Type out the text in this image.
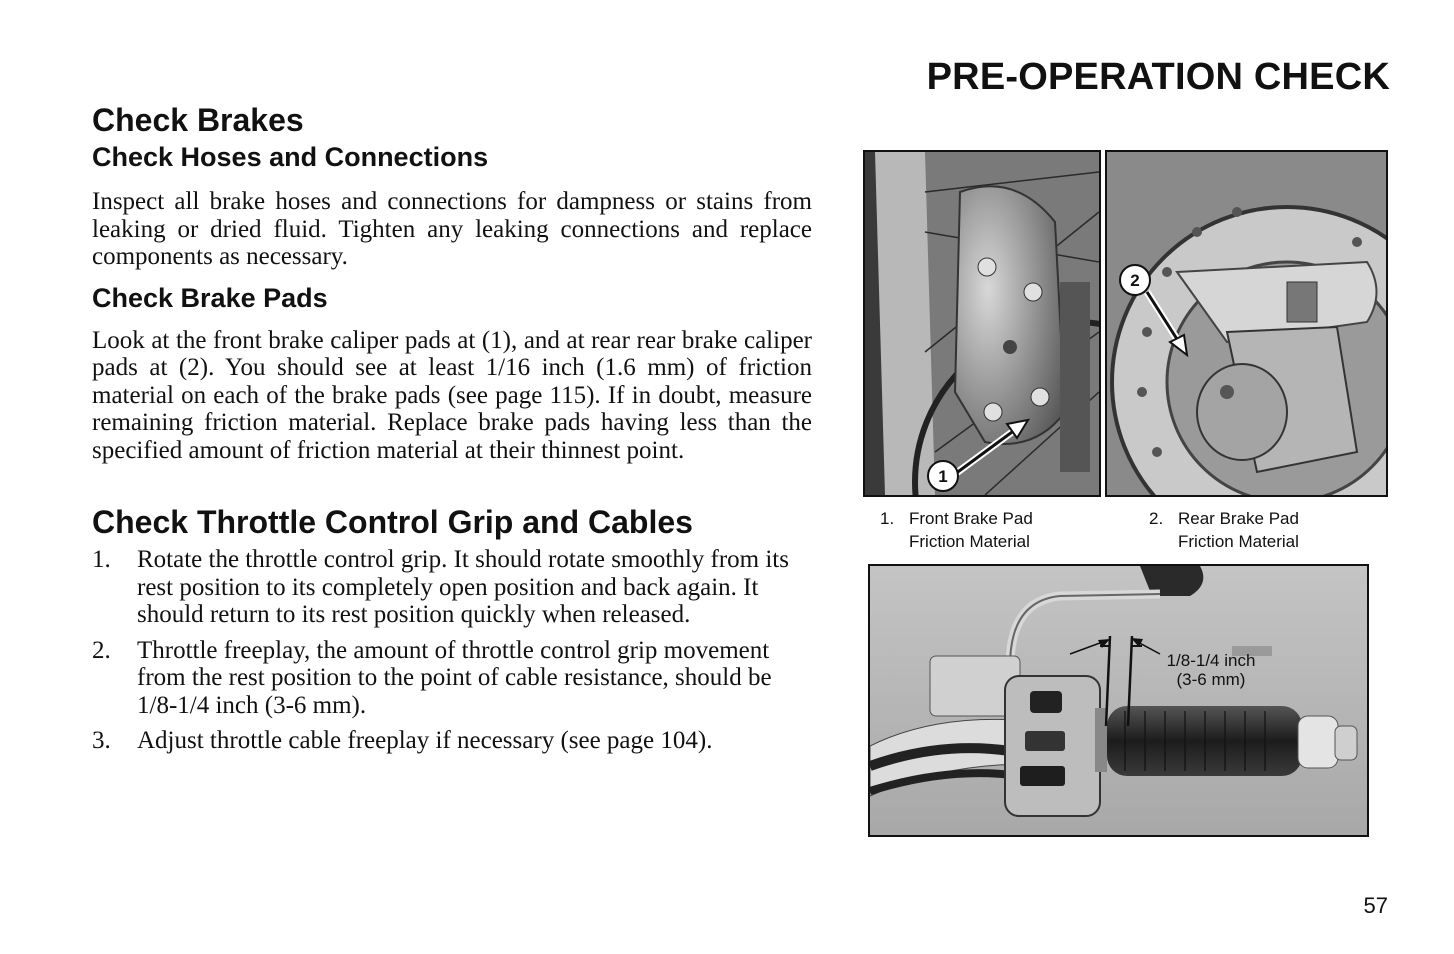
PRE-OPERATION CHECK
Check Brakes
Check Hoses and Connections

Inspect all brake hoses and connections for dampness or stains from leaking or dried fluid. Tighten any leaking connections and replace components as necessary.

Check Brake Pads

Look at the front brake caliper pads at (1), and at rear rear brake caliper pads at (2). You should see at least 1/16 inch (1.6 mm) of friction material on each of the brake pads (see page 115). If in doubt, measure remaining friction material. Replace brake pads having less than the specified amount of friction material at their thinnest point.

Check Throttle Control Grip and Cables
1. Rotate the throttle control grip. It should rotate smoothly from its rest position to its completely open position and back again. It should return to its rest position quickly when released.
2. Throttle freeplay, the amount of throttle control grip movement from the rest position to the point of cable resistance, should be 1/8-1/4 inch (3-6 mm).
3. Adjust throttle cable freeplay if necessary (see page 104).
1
2
1. Front Brake Pad
Friction Material
2. Rear Brake Pad
Friction Material
1/8-1/4 inch
(3-6 mm)
57
